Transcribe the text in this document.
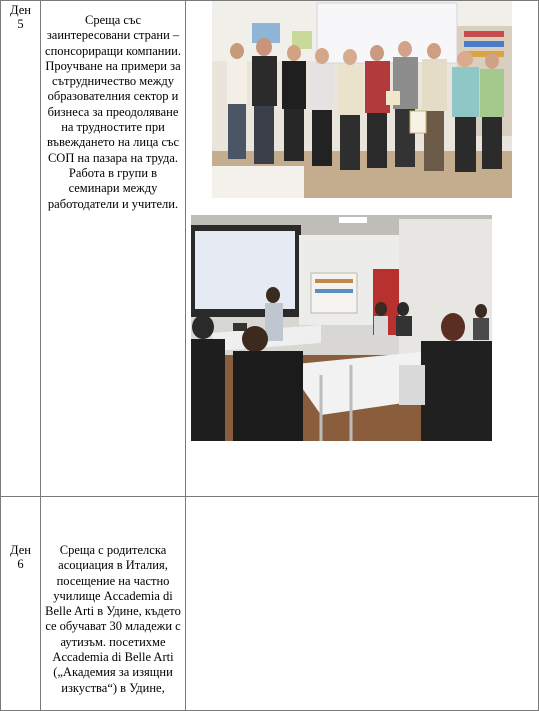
Ден 5	Среща със заинтересовани страни – спонсориращи компании.

Проучване на примери за сътрудничество между образователния сектор и бизнеса за преодоляване на трудностите при въвеждането на лица със СОП на пазара на труда.

Работа в групи в семинари между работодатели и учители.

Ден 6	Среща с родителска асоциация в Италия, посещение на частно училище Accademia di Belle Arti в Удине, където се обучават 30 младежи с аутизъм. посетихме Accademia di Belle Arti („Академия за изящни изкуства“) в Удине,	
